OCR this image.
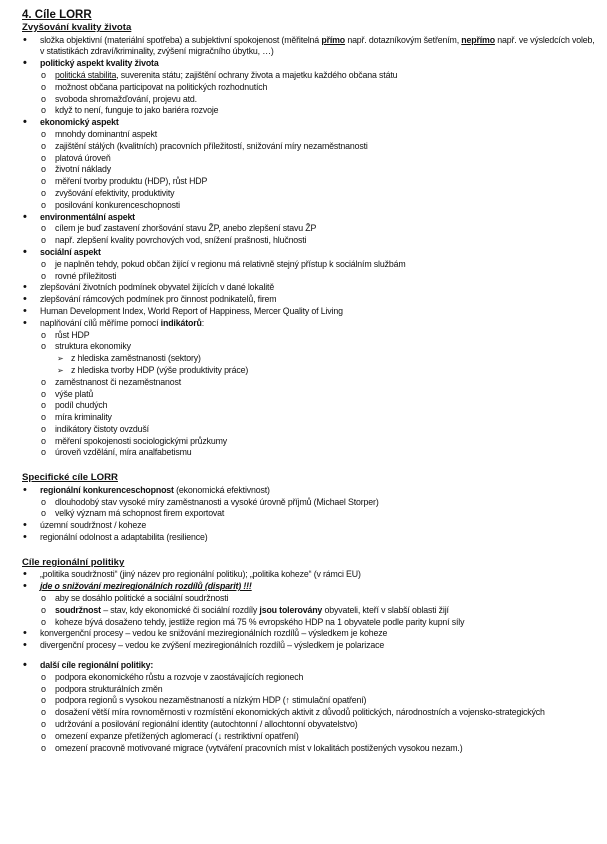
4. Cíle LORR
Zvyšování kvality života
• složka objektivní (materiální spotřeba) a subjektivní spokojenost (měřitelná přímo např. dotazníkovým šetřením, nepřímo např. ve výsledcích voleb, v statistikách zdraví/kriminality, zvýšení migračního úbytku, …)
• politický aspekt kvality života
o politická stabilita, suverenita státu; zajištění ochrany života a majetku každého občana státu
o možnost občana participovat na politických rozhodnutích
o svoboda shromažďování, projevu atd.
o když to není, funguje to jako bariéra rozvoje
• ekonomický aspekt
o mnohdy dominantní aspekt
o zajištění stálých (kvalitních) pracovních příležitostí, snižování míry nezaměstnanosti
o platová úroveň
o životní náklady
o měření tvorby produktu (HDP), růst HDP
o zvyšování efektivity, produktivity
o posilování konkurenceschopnosti
• environmentální aspekt
o cílem je buď zastavení zhoršování stavu ŽP, anebo zlepšení stavu ŽP
o např. zlepšení kvality povrchových vod, snížení prašnosti, hlučnosti
• sociální aspekt
o je naplněn tehdy, pokud občan žijící v regionu má relativně stejný přístup k sociálním službám
o rovné příležitosti
• zlepšování životních podmínek obyvatel žijících v dané lokalitě
• zlepšování rámcových podmínek pro činnost podnikatelů, firem
• Human Development Index, World Report of Happiness, Mercer Quality of Living
• naplňování cílů měříme pomocí indikátorů:
o růst HDP
o struktura ekonomiky
➢ z hlediska zaměstnanosti (sektory)
➢ z hlediska tvorby HDP (výše produktivity práce)
o zaměstnanost či nezaměstnanost
o výše platů
o podíl chudých
o míra kriminality
o indikátory čistoty ovzduší
o měření spokojenosti sociologickými průzkumy
o úroveň vzdělání, míra analfabetismu
Specifické cíle LORR
• regionální konkurenceschopnost (ekonomická efektivnost)
o dlouhodobý stav vysoké míry zaměstnanosti a vysoké úrovně příjmů (Michael Storper)
o velký význam má schopnost firem exportovat
• územní soudržnost / koheze
• regionální odolnost a adaptabilita (resilience)
Cíle regionální politiky
• „politika soudržnosti“ (jiný název pro regionální politiku); „politika koheze“ (v rámci EU)
• jde o snižování meziregionálních rozdílů (disparit) !!!
o aby se dosáhlo politické a sociální soudržnosti
o soudržnost – stav, kdy ekonomické či sociální rozdíly jsou tolerovány obyvateli, kteří v slabší oblasti žijí
o koheze bývá dosaženo tehdy, jestliže region má 75 % evropského HDP na 1 obyvatele podle parity kupní síly
• konvergenční procesy – vedou ke snižování meziregionálních rozdílů – výsledkem je koheze
• divergenční procesy – vedou ke zvýšení meziregionálních rozdílů – výsledkem je polarizace
• další cíle regionální politiky:
o podpora ekonomického růstu a rozvoje v zaostávajících regionech
o podpora strukturálních změn
o podpora regionů s vysokou nezaměstnaností a nízkým HDP (↑ stimulační opatření)
o dosažení větší míra rovnoměrnosti v rozmístění ekonomických aktivit z důvodů politických, národnostních a vojensko-strategických
o udržování a posilování regionální identity (autochtonní / allochtonní obyvatelstvo)
o omezení expanze přetížených aglomerací (↓ restriktivní opatření)
o omezení pracovně motivované migrace (vytváření pracovních míst v lokalitách postižených vysokou nezam.)
